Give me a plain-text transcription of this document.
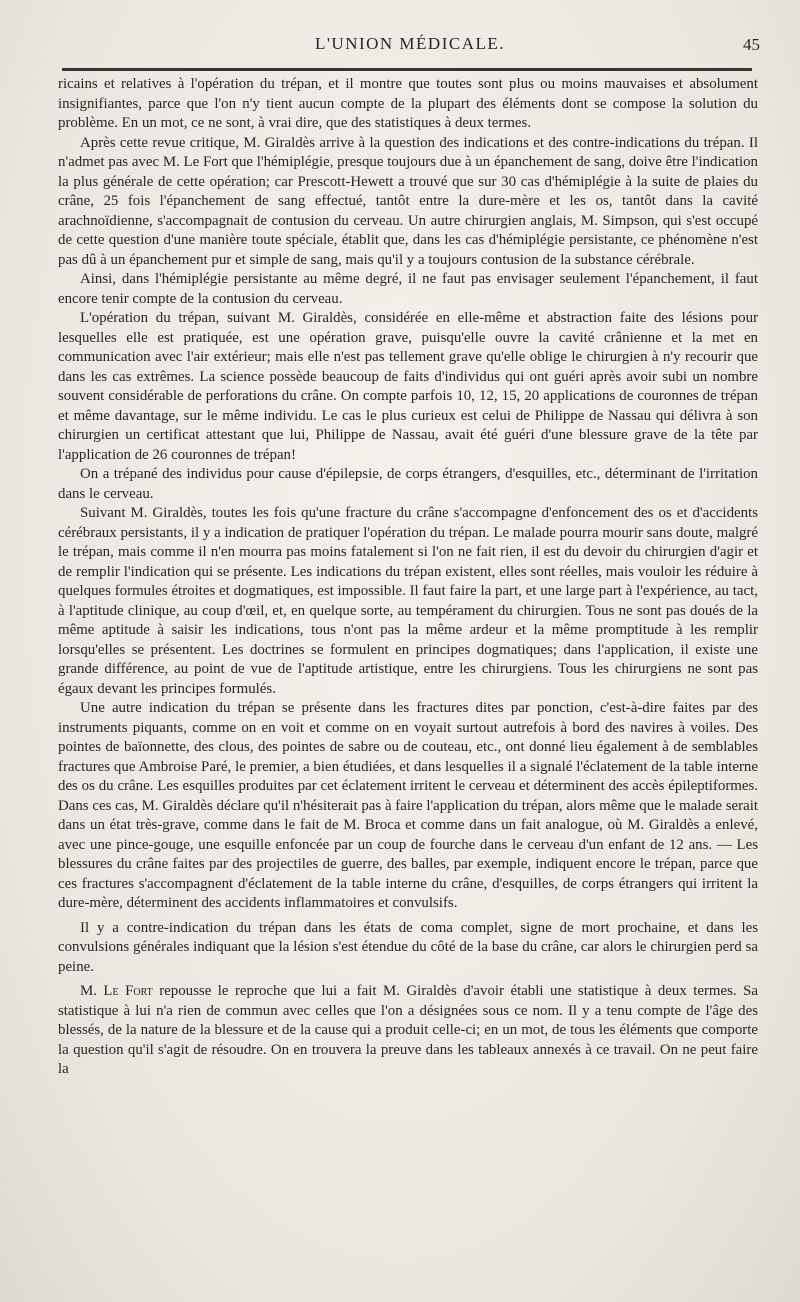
L'UNION MÉDICALE.	45

ricains et relatives à l'opération du trépan, et il montre que toutes sont plus ou moins mauvaises et absolument insignifiantes, parce que l'on n'y tient aucun compte de la plupart des éléments dont se compose la solution du problème. En un mot, ce ne sont, à vrai dire, que des statistiques à deux termes.

Après cette revue critique, M. Giraldès arrive à la question des indications et des contre-indications du trépan. Il n'admet pas avec M. Le Fort que l'hémiplégie, presque toujours due à un épanchement de sang, doive être l'indication la plus générale de cette opération; car Prescott-Hewett a trouvé que sur 30 cas d'hémiplégie à la suite de plaies du crâne, 25 fois l'épanchement de sang effectué, tantôt entre la dure-mère et les os, tantôt dans la cavité arachnoïdienne, s'accompagnait de contusion du cerveau. Un autre chirurgien anglais, M. Simpson, qui s'est occupé de cette question d'une manière toute spéciale, établit que, dans les cas d'hémiplégie persistante, ce phénomène n'est pas dû à un épanchement pur et simple de sang, mais qu'il y a toujours contusion de la substance cérébrale.

Ainsi, dans l'hémiplégie persistante au même degré, il ne faut pas envisager seulement l'épanchement, il faut encore tenir compte de la contusion du cerveau.

L'opération du trépan, suivant M. Giraldès, considérée en elle-même et abstraction faite des lésions pour lesquelles elle est pratiquée, est une opération grave, puisqu'elle ouvre la cavité crânienne et la met en communication avec l'air extérieur; mais elle n'est pas tellement grave qu'elle oblige le chirurgien à n'y recourir que dans les cas extrêmes. La science possède beaucoup de faits d'individus qui ont guéri après avoir subi un nombre souvent considérable de perforations du crâne. On compte parfois 10, 12, 15, 20 applications de couronnes de trépan et même davantage, sur le même individu. Le cas le plus curieux est celui de Philippe de Nassau qui délivra à son chirurgien un certificat attestant que lui, Philippe de Nassau, avait été guéri d'une blessure grave de la tête par l'application de 26 couronnes de trépan!

On a trépané des individus pour cause d'épilepsie, de corps étrangers, d'esquilles, etc., déterminant de l'irritation dans le cerveau.

Suivant M. Giraldès, toutes les fois qu'une fracture du crâne s'accompagne d'enfoncement des os et d'accidents cérébraux persistants, il y a indication de pratiquer l'opération du trépan. Le malade pourra mourir sans doute, malgré le trépan, mais comme il n'en mourra pas moins fatalement si l'on ne fait rien, il est du devoir du chirurgien d'agir et de remplir l'indication qui se présente. Les indications du trépan existent, elles sont réelles, mais vouloir les réduire à quelques formules étroites et dogmatiques, est impossible. Il faut faire la part, et une large part à l'expérience, au tact, à l'aptitude clinique, au coup d'œil, et, en quelque sorte, au tempérament du chirurgien. Tous ne sont pas doués de la même aptitude à saisir les indications, tous n'ont pas la même ardeur et la même promptitude à les remplir lorsqu'elles se présentent. Les doctrines se formulent en principes dogmatiques; dans l'application, il existe une grande différence, au point de vue de l'aptitude artistique, entre les chirurgiens. Tous les chirurgiens ne sont pas égaux devant les principes formulés.

Une autre indication du trépan se présente dans les fractures dites par ponction, c'est-à-dire faites par des instruments piquants, comme on en voit et comme on en voyait surtout autrefois à bord des navires à voiles. Des pointes de baïonnette, des clous, des pointes de sabre ou de couteau, etc., ont donné lieu également à de semblables fractures que Ambroise Paré, le premier, a bien étudiées, et dans lesquelles il a signalé l'éclatement de la table interne des os du crâne. Les esquilles produites par cet éclatement irritent le cerveau et déterminent des accès épileptiformes. Dans ces cas, M. Giraldès déclare qu'il n'hésiterait pas à faire l'application du trépan, alors même que le malade serait dans un état très-grave, comme dans le fait de M. Broca et comme dans un fait analogue, où M. Giraldès a enlevé, avec une pince-gouge, une esquille enfoncée par un coup de fourche dans le cerveau d'un enfant de 12 ans. — Les blessures du crâne faites par des projectiles de guerre, des balles, par exemple, indiquent encore le trépan, parce que ces fractures s'accompagnent d'éclatement de la table interne du crâne, d'esquilles, de corps étrangers qui irritent la dure-mère, déterminent des accidents inflammatoires et convulsifs.

Il y a contre-indication du trépan dans les états de coma complet, signe de mort prochaine, et dans les convulsions générales indiquant que la lésion s'est étendue du côté de la base du crâne, car alors le chirurgien perd sa peine.

M. Le Fort repousse le reproche que lui a fait M. Giraldès d'avoir établi une statistique à deux termes. Sa statistique à lui n'a rien de commun avec celles que l'on a désignées sous ce nom. Il y a tenu compte de l'âge des blessés, de la nature de la blessure et de la cause qui a produit celle-ci; en un mot, de tous les éléments que comporte la question qu'il s'agit de résoudre. On en trouvera la preuve dans les tableaux annexés à ce travail. On ne peut faire la
